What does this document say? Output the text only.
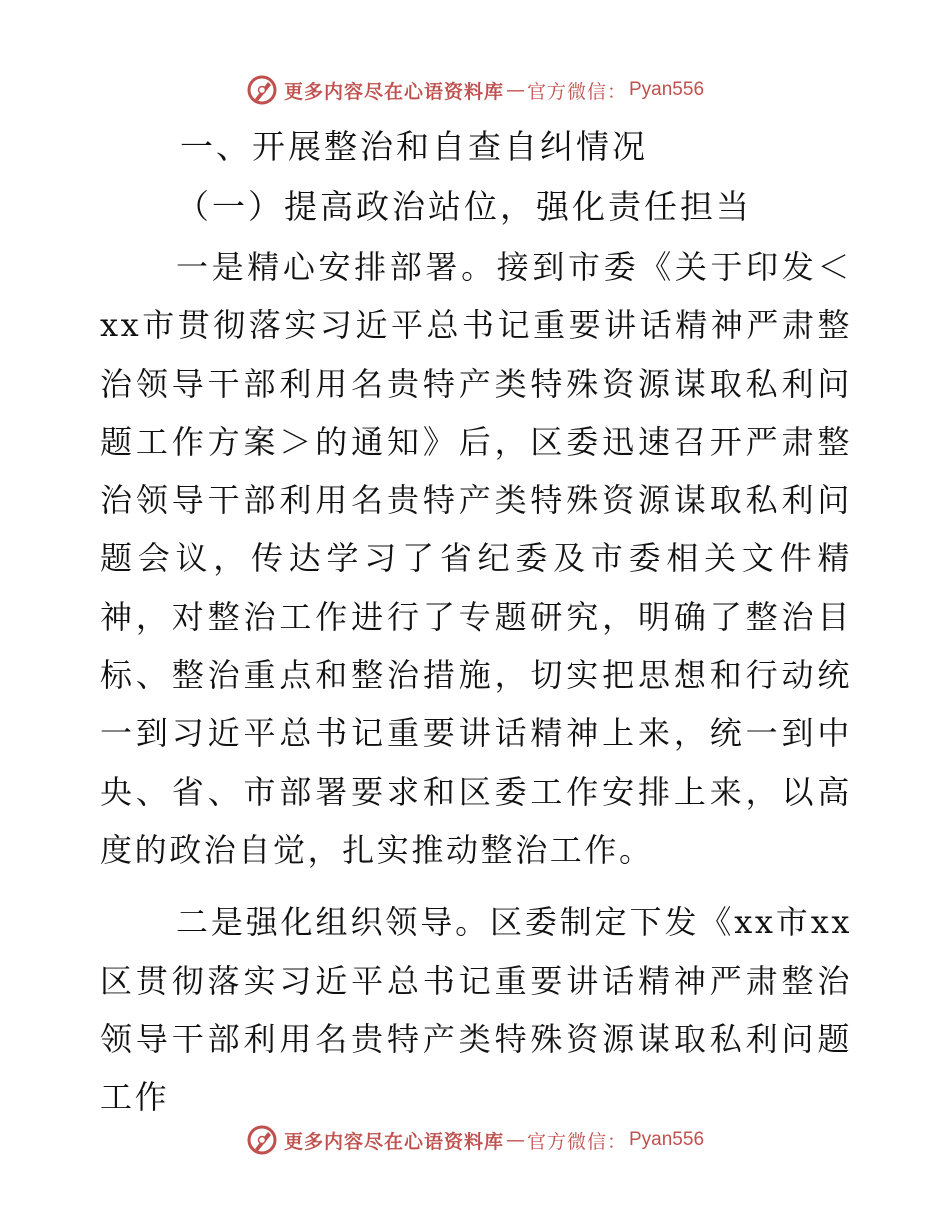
更多内容尽在心语资料库 — 官方微信： Pyan556

一、开展整治和自查自纠情况

（一）提高政治站位，强化责任担当

一是精心安排部署。接到市委《关于印发＜xx市贯彻落实习近平总书记重要讲话精神严肃整治领导干部利用名贵特产类特殊资源谋取私利问题工作方案＞的通知》后，区委迅速召开严肃整治领导干部利用名贵特产类特殊资源谋取私利问题会议，传达学习了省纪委及市委相关文件精神，对整治工作进行了专题研究，明确了整治目标、整治重点和整治措施，切实把思想和行动统一到习近平总书记重要讲话精神上来，统一到中央、省、市部署要求和区委工作安排上来，以高度的政治自觉，扎实推动整治工作。

二是强化组织领导。区委制定下发《xx市xx区贯彻落实习近平总书记重要讲话精神严肃整治领导干部利用名贵特产类特殊资源谋取私利问题工作

更多内容尽在心语资料库 — 官方微信： Pyan556
